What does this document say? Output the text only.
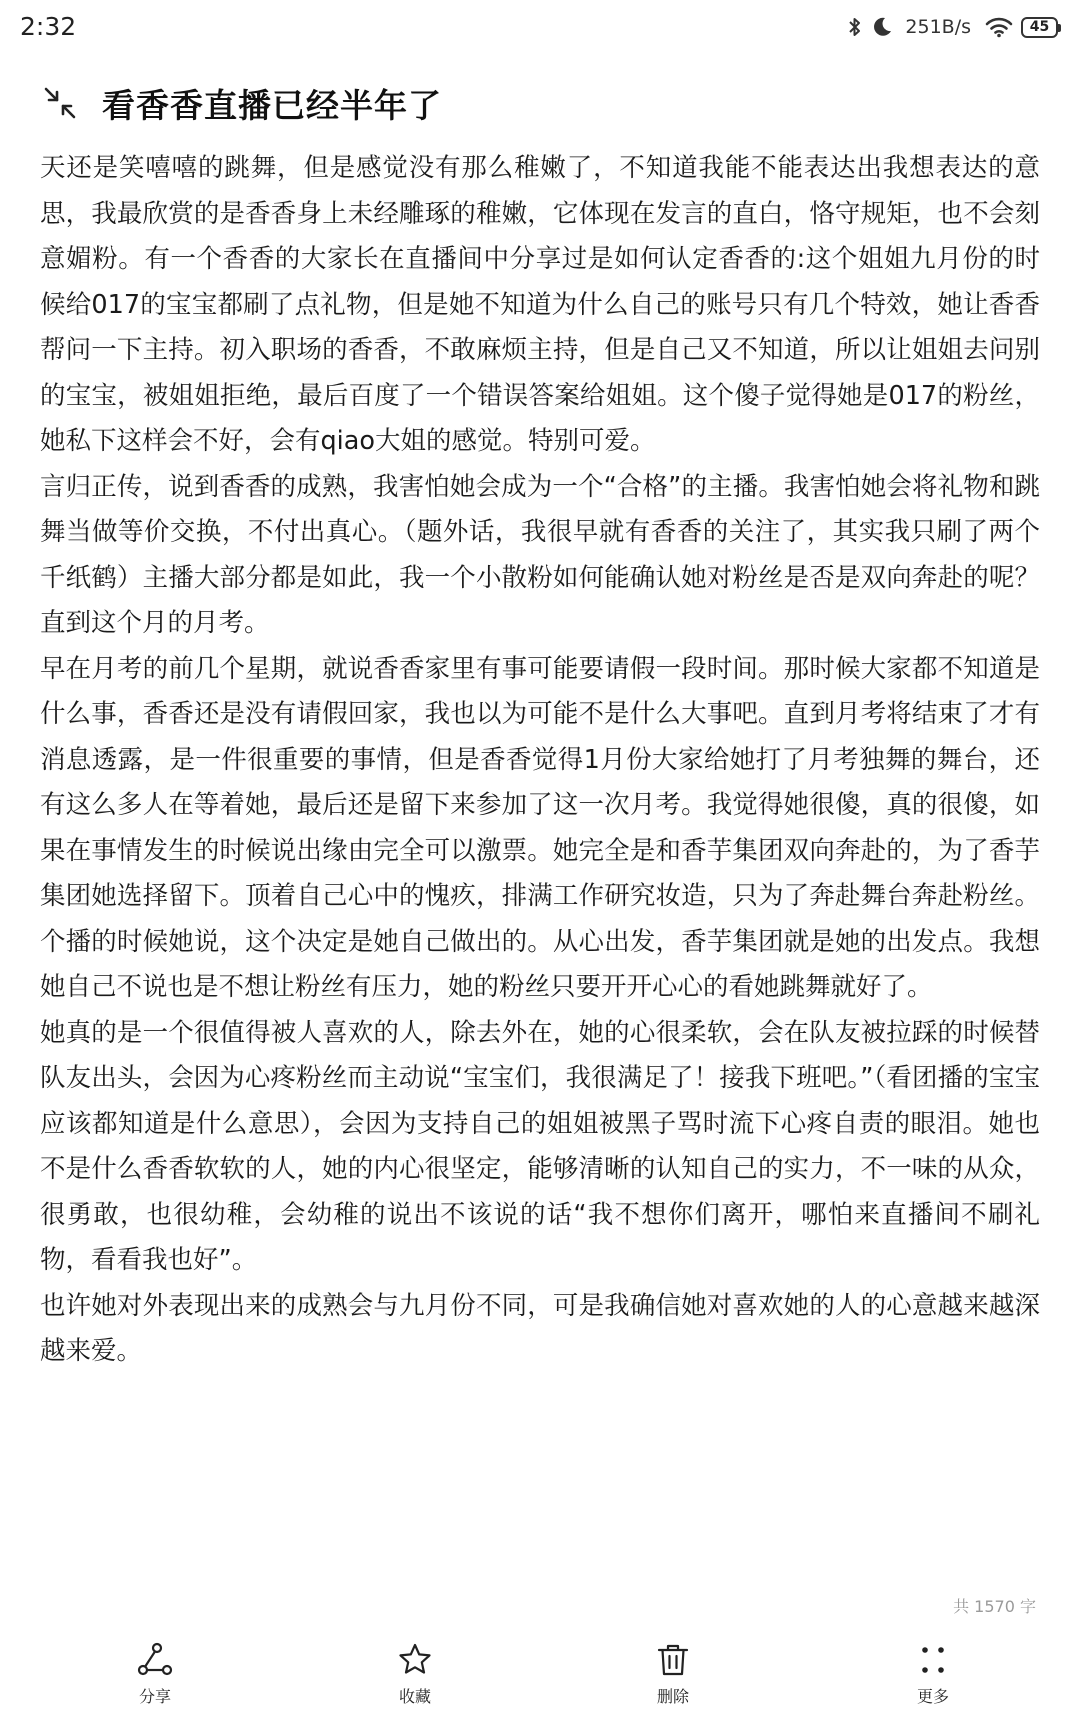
2:32	251B/s	45
看香香直播已经半年了

天还是笑嘻嘻的跳舞，但是感觉没有那么稚嫩了，不知道我能不能表达出我想表达的意思，我最欣赏的是香香身上未经雕琢的稚嫩，它体现在发言的直白，恪守规矩，也不会刻意媚粉。有一个香香的大家长在直播间中分享过是如何认定香香的:这个姐姐九月份的时候给017的宝宝都刷了点礼物，但是她不知道为什么自己的账号只有几个特效，她让香香帮问一下主持。初入职场的香香，不敢麻烦主持，但是自己又不知道，所以让姐姐去问别的宝宝，被姐姐拒绝，最后百度了一个错误答案给姐姐。这个傻子觉得她是017的粉丝，她私下这样会不好，会有qiao大姐的感觉。特别可爱。

言归正传，说到香香的成熟，我害怕她会成为一个“合格”的主播。我害怕她会将礼物和跳舞当做等价交换，不付出真心。（题外话，我很早就有香香的关注了，其实我只刷了两个千纸鹤）主播大部分都是如此，我一个小散粉如何能确认她对粉丝是否是双向奔赴的呢？直到这个月的月考。

早在月考的前几个星期，就说香香家里有事可能要请假一段时间。那时候大家都不知道是什么事，香香还是没有请假回家，我也以为可能不是什么大事吧。直到月考将结束了才有消息透露，是一件很重要的事情，但是香香觉得1月份大家给她打了月考独舞的舞台，还有这么多人在等着她，最后还是留下来参加了这一次月考。我觉得她很傻，真的很傻，如果在事情发生的时候说出缘由完全可以激票。她完全是和香芋集团双向奔赴的，为了香芋集团她选择留下。顶着自己心中的愧疚，排满工作研究妆造，只为了奔赴舞台奔赴粉丝。个播的时候她说，这个决定是她自己做出的。从心出发，香芋集团就是她的出发点。我想她自己不说也是不想让粉丝有压力，她的粉丝只要开开心心的看她跳舞就好了。

她真的是一个很值得被人喜欢的人，除去外在，她的心很柔软，会在队友被拉踩的时候替队友出头，会因为心疼粉丝而主动说“宝宝们，我很满足了！接我下班吧。”（看团播的宝宝应该都知道是什么意思），会因为支持自己的姐姐被黑子骂时流下心疼自责的眼泪。她也不是什么香香软软的人，她的内心很坚定，能够清晰的认知自己的实力，不一味的从众，很勇敢，也很幼稚，会幼稚的说出不该说的话“我不想你们离开，哪怕来直播间不刷礼物，看看我也好”。

也许她对外表现出来的成熟会与九月份不同，可是我确信她对喜欢她的人的心意越来越深越来爱。

共 1570 字
分享	收藏	删除	更多
